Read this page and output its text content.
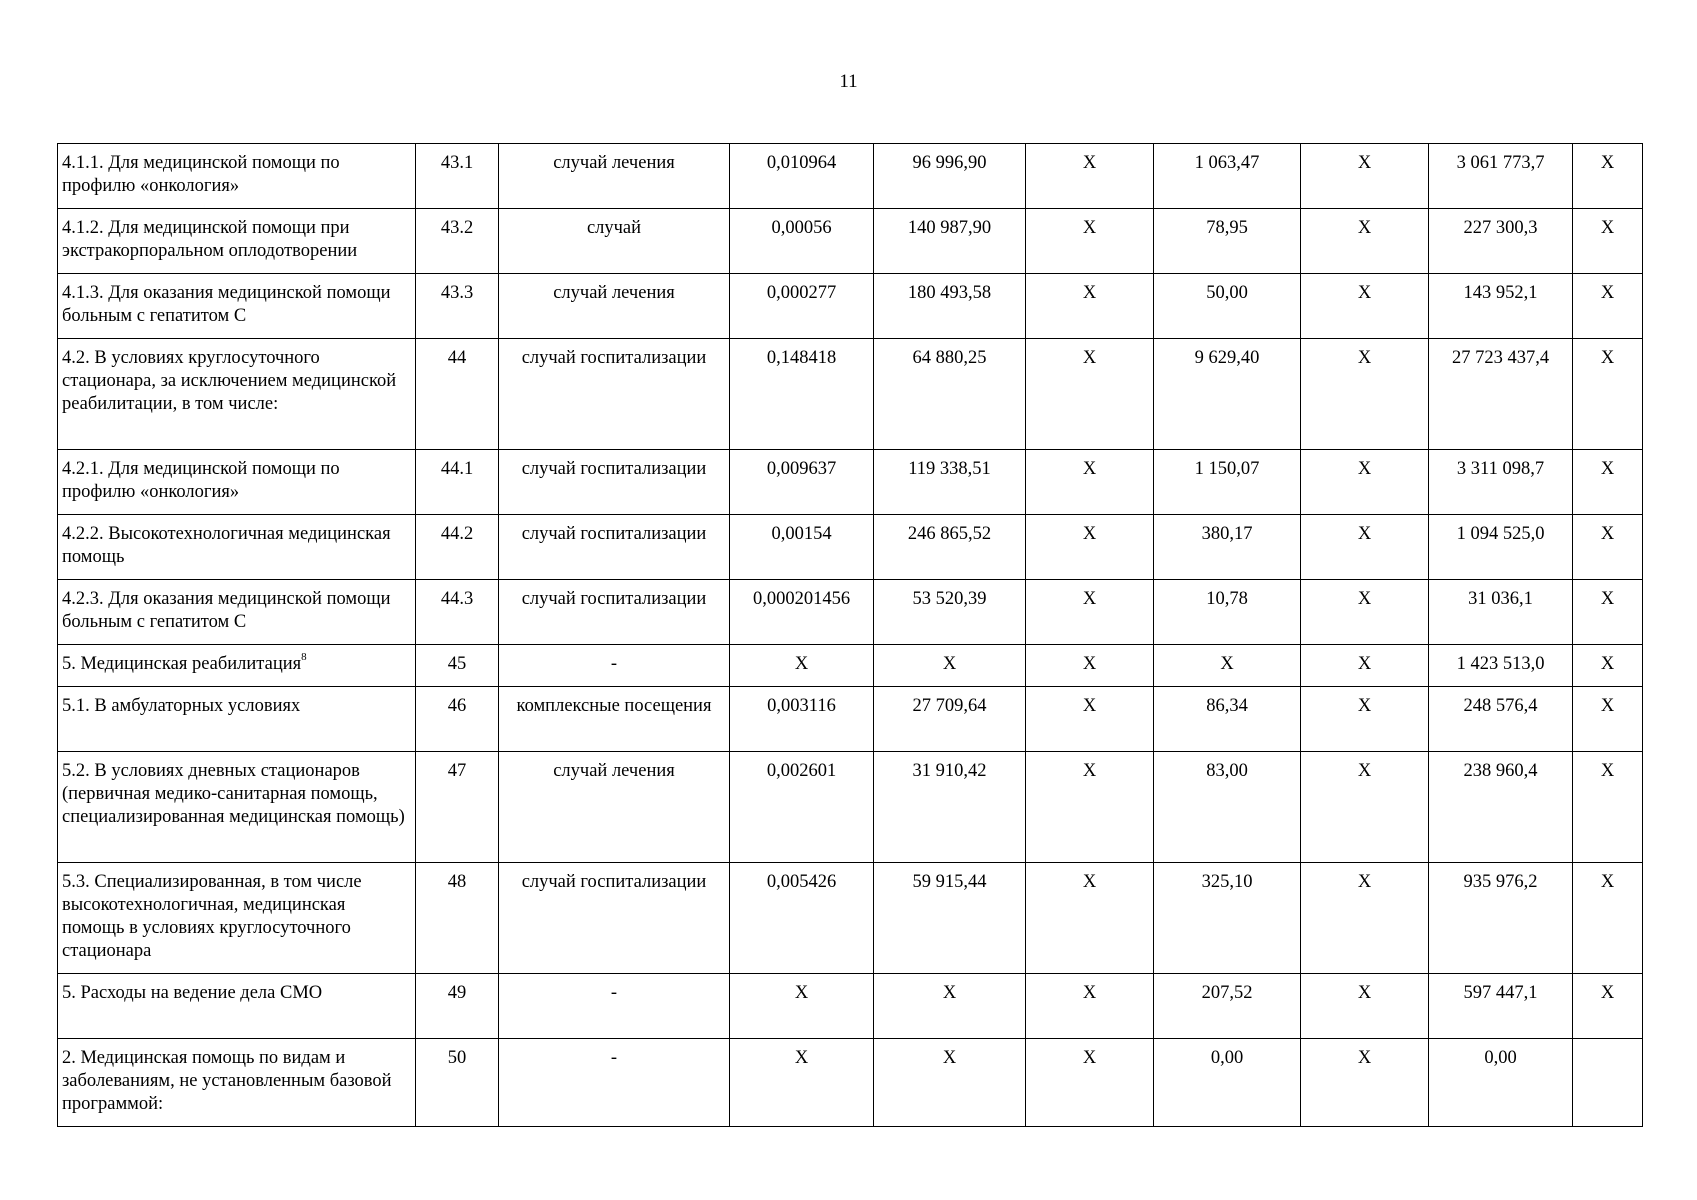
11
4.1.1. Для медицинской помощи по профилю «онкология»	43.1	случай лечения	0,010964	96 996,90	Х	1 063,47	Х	3 061 773,7	Х
4.1.2. Для медицинской помощи при экстракорпоральном оплодотворении	43.2	случай	0,00056	140 987,90	Х	78,95	Х	227 300,3	Х
4.1.3. Для оказания медицинской помощи больным с гепатитом С	43.3	случай лечения	0,000277	180 493,58	Х	50,00	Х	143 952,1	Х
4.2. В условиях круглосуточного стационара, за исключением медицинской реабилитации, в том числе:	44	случай госпитализации	0,148418	64 880,25	Х	9 629,40	Х	27 723 437,4	Х
4.2.1. Для медицинской помощи по профилю «онкология»	44.1	случай госпитализации	0,009637	119 338,51	Х	1 150,07	Х	3 311 098,7	Х
4.2.2. Высокотехнологичная медицинская помощь	44.2	случай госпитализации	0,00154	246 865,52	Х	380,17	Х	1 094 525,0	Х
4.2.3. Для оказания медицинской помощи больным с гепатитом С	44.3	случай госпитализации	0,000201456	53 520,39	Х	10,78	Х	31 036,1	Х
5. Медицинская реабилитация$^8$	45	-	Х	Х	Х	Х	Х	1 423 513,0	Х
5.1. В амбулаторных условиях	46	комплексные посещения	0,003116	27 709,64	Х	86,34	Х	248 576,4	Х
5.2. В условиях дневных стационаров (первичная медико-санитарная помощь, специализированная медицинская помощь)	47	случай лечения	0,002601	31 910,42	Х	83,00	Х	238 960,4	Х
5.3. Специализированная, в том числе высокотехнологичная, медицинская помощь в условиях круглосуточного стационара	48	случай госпитализации	0,005426	59 915,44	Х	325,10	Х	935 976,2	Х
5. Расходы на ведение дела СМО	49	-	Х	Х	Х	207,52	Х	597 447,1	Х
2. Медицинская помощь по видам и заболеваниям, не установленным базовой программой:	50	-	Х	Х	Х	0,00	Х	0,00	
